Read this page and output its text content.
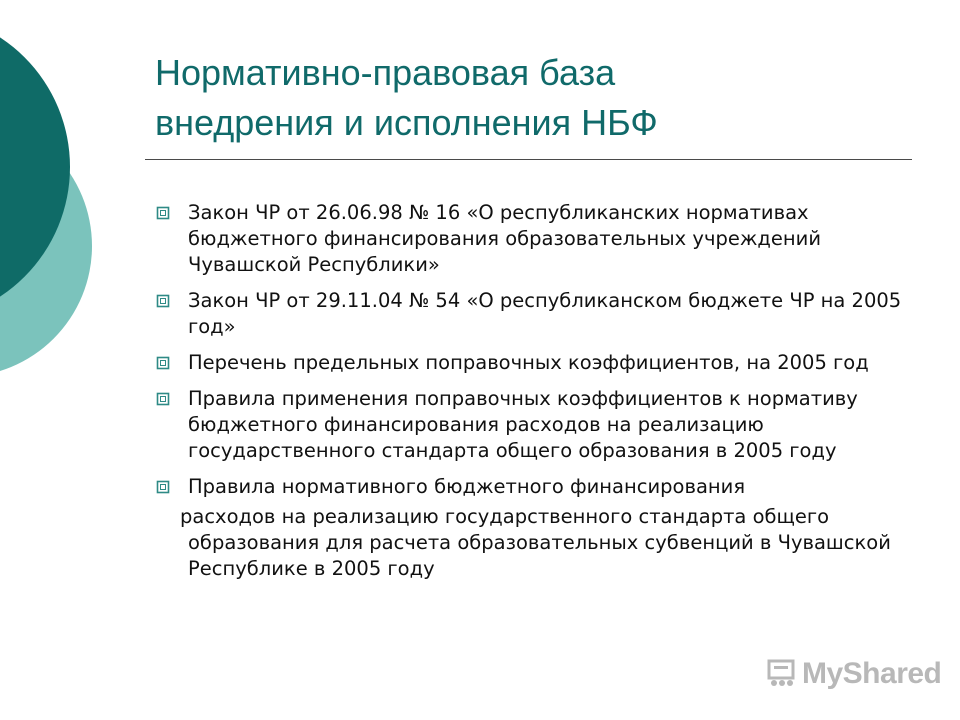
Нормативно-правовая база
внедрения и исполнения НБФ
Закон ЧР от 26.06.98 № 16 «О республиканских нормативах бюджетного финансирования образовательных учреждений Чувашской Республики»
Закон ЧР от 29.11.04 № 54 «О республиканском бюджете ЧР на 2005 год»
Перечень предельных поправочных коэффициентов, на 2005 год
Правила применения поправочных коэффициентов к нормативу бюджетного финансирования расходов на реализацию государственного стандарта общего образования в 2005 году
Правила нормативного бюджетного финансирования
расходов на реализацию государственного стандарта общего образования для расчета образовательных субвенций в Чувашской Республике в 2005 году
MyShared
